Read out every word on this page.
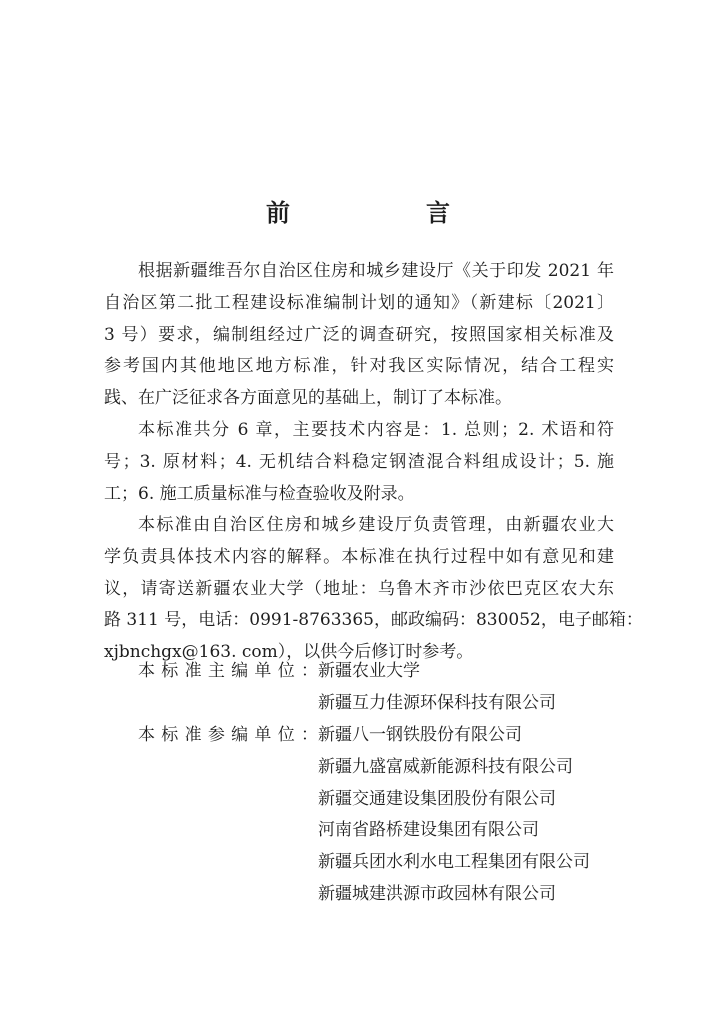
前　言
根据新疆维吾尔自治区住房和城乡建设厅《关于印发 2021 年
自治区第二批工程建设标准编制计划的通知》（新建标〔2021〕
3 号）要求，编制组经过广泛的调查研究，按照国家相关标准及
参考国内其他地区地方标准，针对我区实际情况，结合工程实
践、在广泛征求各方面意见的基础上，制订了本标准。
本标准共分 6 章，主要技术内容是：1. 总则；2. 术语和符
号；3. 原材料；4. 无机结合料稳定钢渣混合料组成设计；5. 施
工；6. 施工质量标准与检查验收及附录。
本标准由自治区住房和城乡建设厅负责管理，由新疆农业大
学负责具体技术内容的解释。本标准在执行过程中如有意见和建
议，请寄送新疆农业大学（地址：乌鲁木齐市沙依巴克区农大东
路 311 号，电话：0991-8763365，邮政编码：830052，电子邮箱：
xjbnchgx@163. com），以供今后修订时参考。
本 标 准 主 编 单 位 ： 新疆农业大学
新疆互力佳源环保科技有限公司
本 标 准 参 编 单 位 ： 新疆八一钢铁股份有限公司
新疆九盛富威新能源科技有限公司
新疆交通建设集团股份有限公司
河南省路桥建设集团有限公司
新疆兵团水利水电工程集团有限公司
新疆城建洪源市政园林有限公司
